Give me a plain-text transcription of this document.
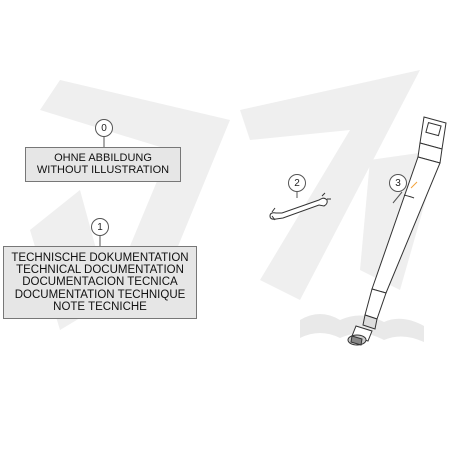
0
1
2	3
OHNE ABBILDUNG
WITHOUT ILLUSTRATION
TECHNISCHE DOKUMENTATION
TECHNICAL DOCUMENTATION
DOCUMENTACION TECNICA
DOCUMENTATION TECHNIQUE
NOTE TECNICHE
